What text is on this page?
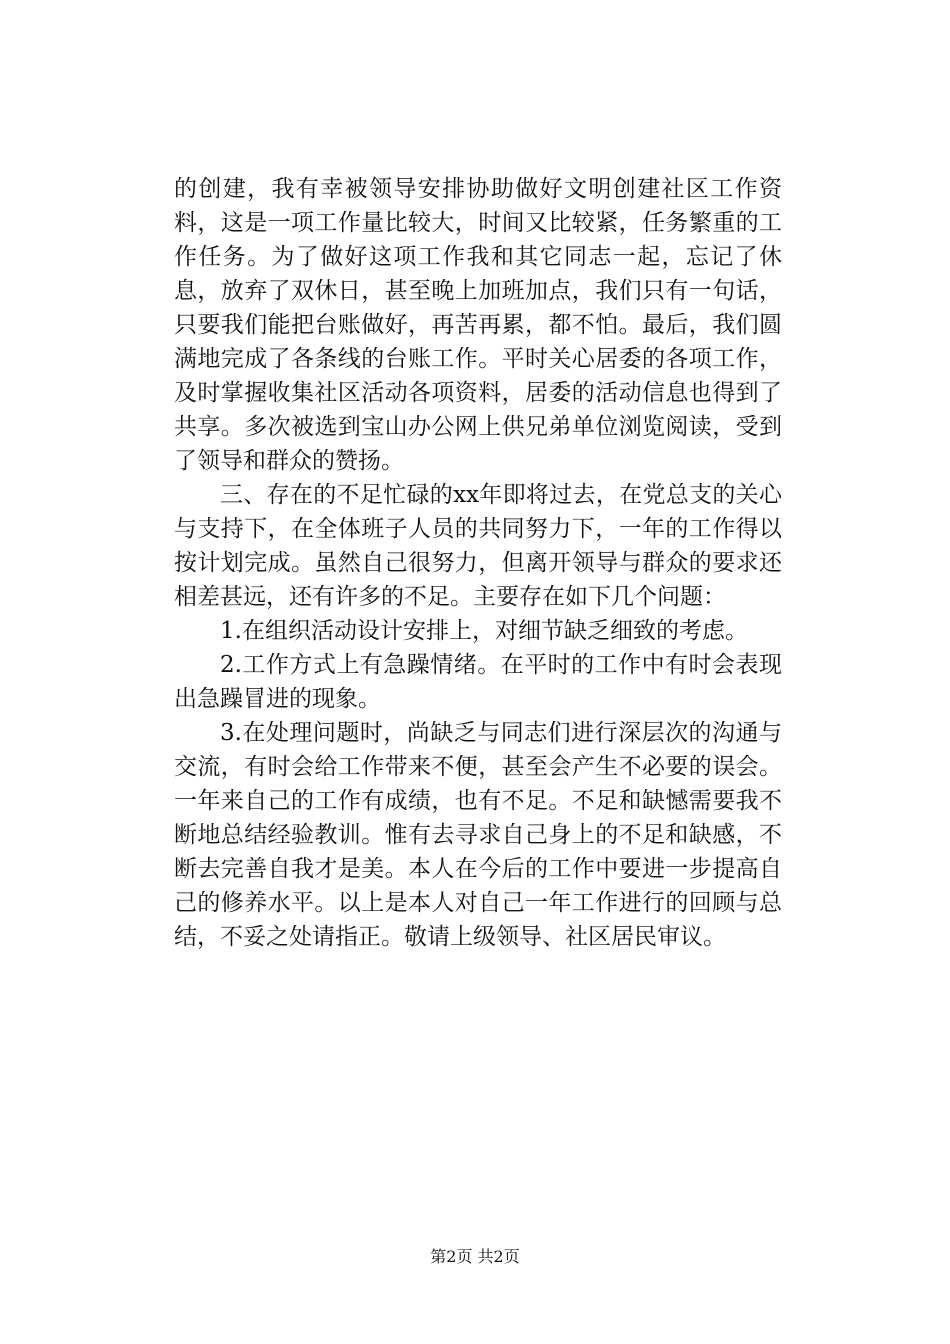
的创建，我有幸被领导安排协助做好文明创建社区工作资料，这是一项工作量比较大，时间又比较紧，任务繁重的工作任务。为了做好这项工作我和其它同志一起，忘记了休息，放弃了双休日，甚至晚上加班加点，我们只有一句话，只要我们能把台账做好，再苦再累，都不怕。最后，我们圆满地完成了各条线的台账工作。平时关心居委的各项工作，及时掌握收集社区活动各项资料，居委的活动信息也得到了共享。多次被选到宝山办公网上供兄弟单位浏览阅读，受到了领导和群众的赞扬。

三、存在的不足忙碌的xx年即将过去，在党总支的关心与支持下，在全体班子人员的共同努力下，一年的工作得以按计划完成。虽然自己很努力，但离开领导与群众的要求还相差甚远，还有许多的不足。主要存在如下几个问题：

1.在组织活动设计安排上，对细节缺乏细致的考虑。

2.工作方式上有急躁情绪。在平时的工作中有时会表现出急躁冒进的现象。

3.在处理问题时，尚缺乏与同志们进行深层次的沟通与交流，有时会给工作带来不便，甚至会产生不必要的误会。一年来自己的工作有成绩，也有不足。不足和缺憾需要我不断地总结经验教训。惟有去寻求自己身上的不足和缺感，不断去完善自我才是美。本人在今后的工作中要进一步提高自己的修养水平。以上是本人对自己一年工作进行的回顾与总结，不妥之处请指正。敬请上级领导、社区居民审议。

第2页 共2页
